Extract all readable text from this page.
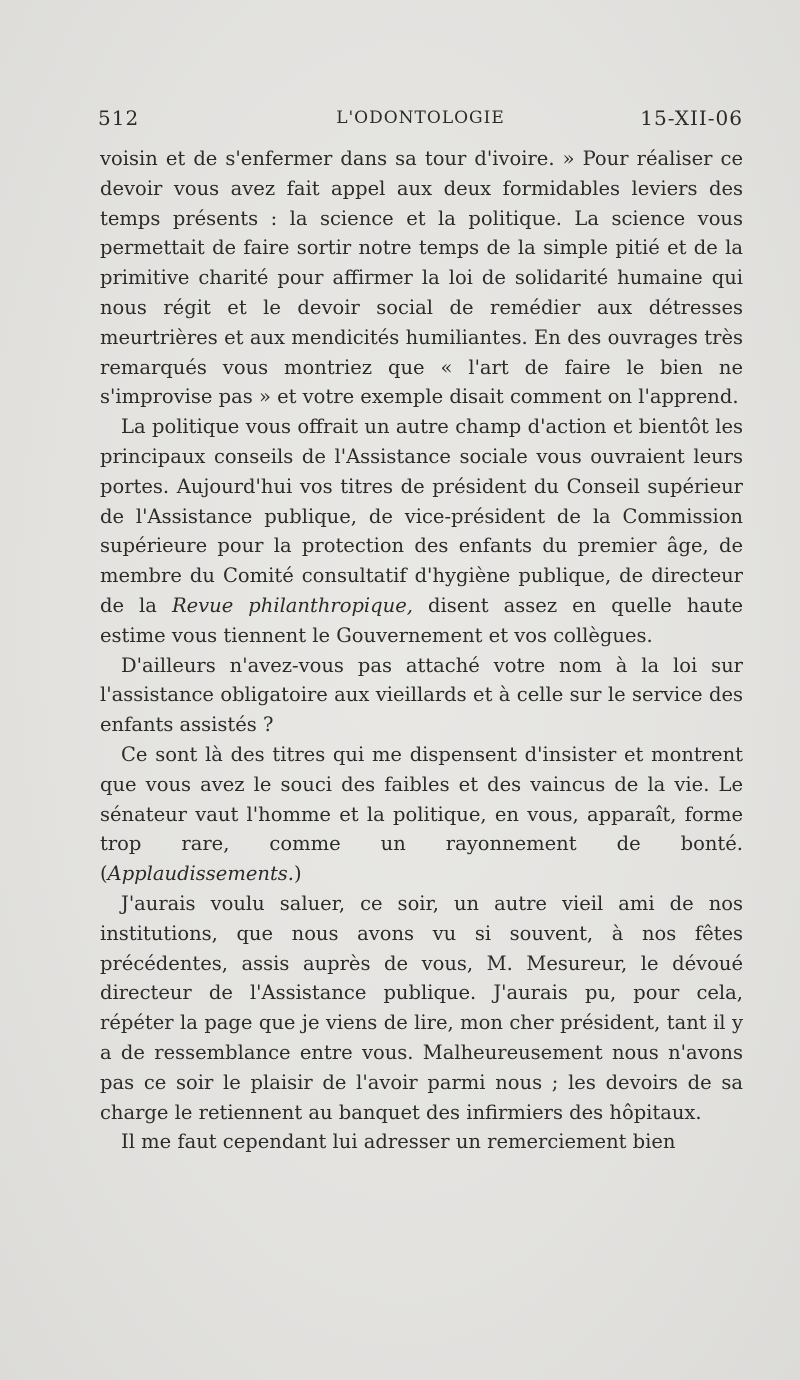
512	L'ODONTOLOGIE	15-XII-06

voisin et de s'enfermer dans sa tour d'ivoire. » Pour réaliser ce devoir vous avez fait appel aux deux formidables leviers des temps présents : la science et la politique. La science vous permettait de faire sortir notre temps de la simple pitié et de la primitive charité pour affirmer la loi de solidarité humaine qui nous régit et le devoir social de remédier aux détresses meurtrières et aux mendicités humiliantes. En des ouvrages très remarqués vous montriez que « l'art de faire le bien ne s'improvise pas » et votre exemple disait comment on l'apprend.

La politique vous offrait un autre champ d'action et bientôt les principaux conseils de l'Assistance sociale vous ouvraient leurs portes. Aujourd'hui vos titres de président du Conseil supérieur de l'Assistance publique, de vice-président de la Commission supérieure pour la protection des enfants du premier âge, de membre du Comité consultatif d'hygiène publique, de directeur de la Revue philanthropique, disent assez en quelle haute estime vous tiennent le Gouvernement et vos collègues.

D'ailleurs n'avez-vous pas attaché votre nom à la loi sur l'assistance obligatoire aux vieillards et à celle sur le service des enfants assistés ?

Ce sont là des titres qui me dispensent d'insister et montrent que vous avez le souci des faibles et des vaincus de la vie. Le sénateur vaut l'homme et la politique, en vous, apparaît, forme trop rare, comme un rayonnement de bonté. (Applaudissements.)

J'aurais voulu saluer, ce soir, un autre vieil ami de nos institutions, que nous avons vu si souvent, à nos fêtes précédentes, assis auprès de vous, M. Mesureur, le dévoué directeur de l'Assistance publique. J'aurais pu, pour cela, répéter la page que je viens de lire, mon cher président, tant il y a de ressemblance entre vous. Malheureusement nous n'avons pas ce soir le plaisir de l'avoir parmi nous ; les devoirs de sa charge le retiennent au banquet des infirmiers des hôpitaux.

Il me faut cependant lui adresser un remerciement bien
